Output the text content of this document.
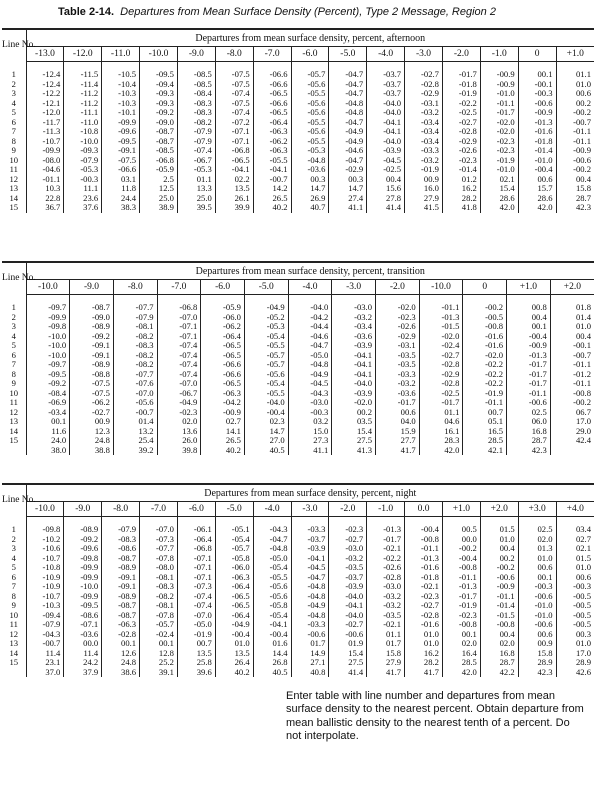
Table 2-14. Departures from Mean Surface Density (Percent), Type 2 Message, Region 2
Line No.	Departures from mean surface density, percent, afternoon														
	-13.0	-12.0	-11.0	-10.0	-9.0	-8.0	-7.0	-6.0	-5.0	-4.0	-3.0	-2.0	-1.0	0	+1.0
1	-12.4	-11.5	-10.5	-09.5	-08.5	-07.5	-06.6	-05.7	-04.7	-03.7	-02.7	-01.7	-00.9	00.1	01.1
2	-12.4	-11.4	-10.4	-09.4	-08.5	-07.5	-06.6	-05.6	-04.7	-03.7	-02.8	-01.8	-00.9	-00.1	01.0
3	-12.2	-11.2	-10.3	-09.3	-08.4	-07.4	-06.5	-05.5	-04.7	-03.7	-02.9	-01.9	-01.0	-00.3	00.6
4	-12.1	-11.2	-10.3	-09.3	-08.3	-07.5	-06.6	-05.6	-04.8	-04.0	-03.1	-02.2	-01.1	-00.6	00.2
5	-12.0	-11.1	-10.1	-09.2	-08.3	-07.4	-06.5	-05.6	-04.8	-04.0	-03.2	-02.5	-01.7	-00.9	-00.2
6	-11.7	-11.0	-09.9	-09.0	-08.2	-07.2	-06.4	-05.5	-04.7	-04.1	-03.4	-02.7	-02.0	-01.3	-00.7
7	-11.3	-10.8	-09.6	-08.7	-07.9	-07.1	-06.3	-05.6	-04.9	-04.1	-03.4	-02.8	-02.0	-01.6	-01.1
8	-10.7	-10.0	-09.5	-08.7	-07.9	-07.1	-06.2	-05.5	-04.9	-04.0	-03.4	-02.9	-02.3	-01.8	-01.1
9	-09.9	-09.3	-09.1	-08.5	-07.4	-06.8	-06.3	-05.3	-04.6	-03.9	-03.3	-02.6	-02.3	-01.4	-00.9
10	-08.0	-07.9	-07.5	-06.8	-06.7	-06.5	-05.5	-04.8	-04.7	-04.5	-03.2	-02.3	-01.9	-01.0	-00.6
11	-04.6	-05.3	-06.6	-05.9	-05.3	-04.1	-04.1	-03.6	-02.9	-02.5	-01.9	-01.4	-01.0	-00.4	-00.2
12	-01.1	-00.3	03.1	2.5	01.1	02.2	-00.7	00.3	00.3	00.4	00.9	01.2	02.1	00.6	00.4
13	10.3	11.1	11.8	12.5	13.3	13.5	14.2	14.7	14.7	15.6	16.0	16.2	15.4	15.7	15.8
14	22.8	23.6	24.4	25.0	25.0	26.1	26.5	26.9	27.4	27.8	27.9	28.2	28.6	28.6	28.7
15	36.7	37.6	38.3	38.9	39.5	39.9	40.2	40.7	41.1	41.4	41.5	41.8	42.0	42.0	42.3
Line No.	Departures from mean surface density, percent, transition												
	-10.0	-9.0	-8.0	-7.0	-6.0	-5.0	-4.0	-3.0	-2.0	-10.0	0	+1.0	+2.0
1	-09.7	-08.7	-07.7	-06.8	-05.9	-04.9	-04.0	-03.0	-02.0	-01.1	-00.2	00.8	01.8
2	-09.9	-09.0	-07.9	-07.0	-06.0	-05.2	-04.2	-03.2	-02.3	-01.3	-00.5	00.4	01.4
3	-09.8	-08.9	-08.1	-07.1	-06.2	-05.3	-04.4	-03.4	-02.6	-01.5	-00.8	00.1	01.0
4	-10.0	-09.2	-08.2	-07.1	-06.4	-05.4	-04.6	-03.6	-02.9	-02.0	-01.6	-00.4	00.4
5	-10.0	-09.1	-08.3	-07.4	-06.5	-05.5	-04.7	-03.9	-03.1	-02.4	-01.6	-00.9	-00.1
6	-10.0	-09.1	-08.2	-07.4	-06.5	-05.7	-05.0	-04.1	-03.5	-02.7	-02.0	-01.3	-00.7
7	-09.7	-08.9	-08.2	-07.4	-06.6	-05.7	-04.8	-04.1	-03.5	-02.8	-02.2	-01.7	-01.1
8	-09.5	-08.8	-07.7	-07.4	-06.6	-05.6	-04.9	-04.1	-03.3	-02.9	-02.2	-01.7	-01.2
9	-09.2	-07.5	-07.6	-07.0	-06.5	-05.4	-04.5	-04.0	-03.2	-02.8	-02.2	-01.7	-01.1
10	-08.4	-07.5	-07.0	-06.7	-06.3	-05.5	-04.3	-03.9	-03.6	-02.5	-01.9	-01.1	-00.8
11	-06.9	-06.2	-05.6	-04.9	-04.2	-04.0	-03.0	-02.0	-01.7	-01.7	-01.1	-00.6	-00.2
12	-03.4	-02.7	-00.7	-02.3	-00.9	-00.4	-00.3	00.2	00.6	01.1	00.7	02.5	06.7
13	00.1	00.9	01.4	02.0	02.7	02.3	03.2	03.5	04.0	04.6	05.1	06.0	17.0
14	11.6	12.3	13.2	13.6	14.1	14.7	15.0	15.4	15.9	16.1	16.5	16.8	29.0
15	24.0	24.8	25.4	26.0	26.5	27.0	27.3	27.5	27.7	28.3	28.5	28.7	42.4
	38.0	38.8	39.2	39.8	40.2	40.5	41.1	41.3	41.7	42.0	42.1	42.3	
Line No.	Departures from mean surface density, percent, night														
	-10.0	-9.0	-8.0	-7.0	-6.0	-5.0	-4.0	-3.0	-2.0	-1.0	0.0	+1.0	+2.0	+3.0	+4.0
1	-09.8	-08.9	-07.9	-07.0	-06.1	-05.1	-04.3	-03.3	-02.3	-01.3	-00.4	00.5	01.5	02.5	03.4
2	-10.2	-09.2	-08.3	-07.3	-06.4	-05.4	-04.7	-03.7	-02.7	-01.7	-00.8	00.0	01.0	02.0	02.7
3	-10.6	-09.6	-08.6	-07.7	-06.8	-05.7	-04.8	-03.9	-03.0	-02.1	-01.1	-00.2	00.4	01.3	02.1
4	-10.7	-09.8	-08.7	-07.8	-07.1	-05.8	-05.0	-04.1	-03.2	-02.2	-01.3	-00.4	00.2	01.0	01.5
5	-10.8	-09.9	-08.9	-08.0	-07.1	-06.0	-05.4	-04.5	-03.5	-02.6	-01.6	-00.8	-00.2	00.6	01.0
6	-10.9	-09.9	-09.1	-08.1	-07.1	-06.3	-05.5	-04.7	-03.7	-02.8	-01.8	-01.1	-00.6	00.1	00.6
7	-10.9	-10.0	-09.1	-08.3	-07.3	-06.4	-05.6	-04.8	-03.9	-03.0	-02.1	-01.3	-00.9	-00.3	-00.3
8	-10.7	-09.9	-08.9	-08.2	-07.4	-06.5	-05.6	-04.8	-04.0	-03.2	-02.3	-01.7	-01.1	-00.6	-00.5
9	-10.3	-09.5	-08.7	-08.1	-07.4	-06.5	-05.8	-04.9	-04.1	-03.2	-02.7	-01.9	-01.4	-01.0	-00.5
10	-09.4	-08.6	-08.7	-07.8	-07.0	-06.4	-05.4	-04.8	-04.0	-03.5	-02.8	-02.3	-01.5	-01.0	-00.5
11	-07.9	-07.1	-06.3	-05.7	-05.0	-04.9	-04.1	-03.3	-02.7	-02.1	-01.6	-00.8	-00.8	-00.6	-00.5
12	-04.3	-03.6	-02.8	-02.4	-01.9	-00.4	-00.4	-00.6	-00.6	01.1	01.0	00.1	00.4	00.6	00.3
13	-00.7	00.0	00.1	00.1	00.7	01.0	01.6	01.7	01.9	01.7	01.0	02.0	02.0	00.9	01.0
14	11.4	11.4	12.6	12.8	13.5	13.5	14.4	14.9	15.4	15.8	16.2	16.4	16.8	15.8	17.0
15	23.1	24.2	24.8	25.2	25.8	26.4	26.8	27.1	27.5	27.9	28.2	28.5	28.7	28.9	28.9
	37.0	37.9	38.6	39.1	39.6	40.2	40.5	40.8	41.4	41.7	41.7	42.0	42.2	42.3	42.6
Enter table with line number and departures from mean surface density to the nearest percent. Obtain departure from mean ballistic density to the nearest tenth of a percent. Do not interpolate.
